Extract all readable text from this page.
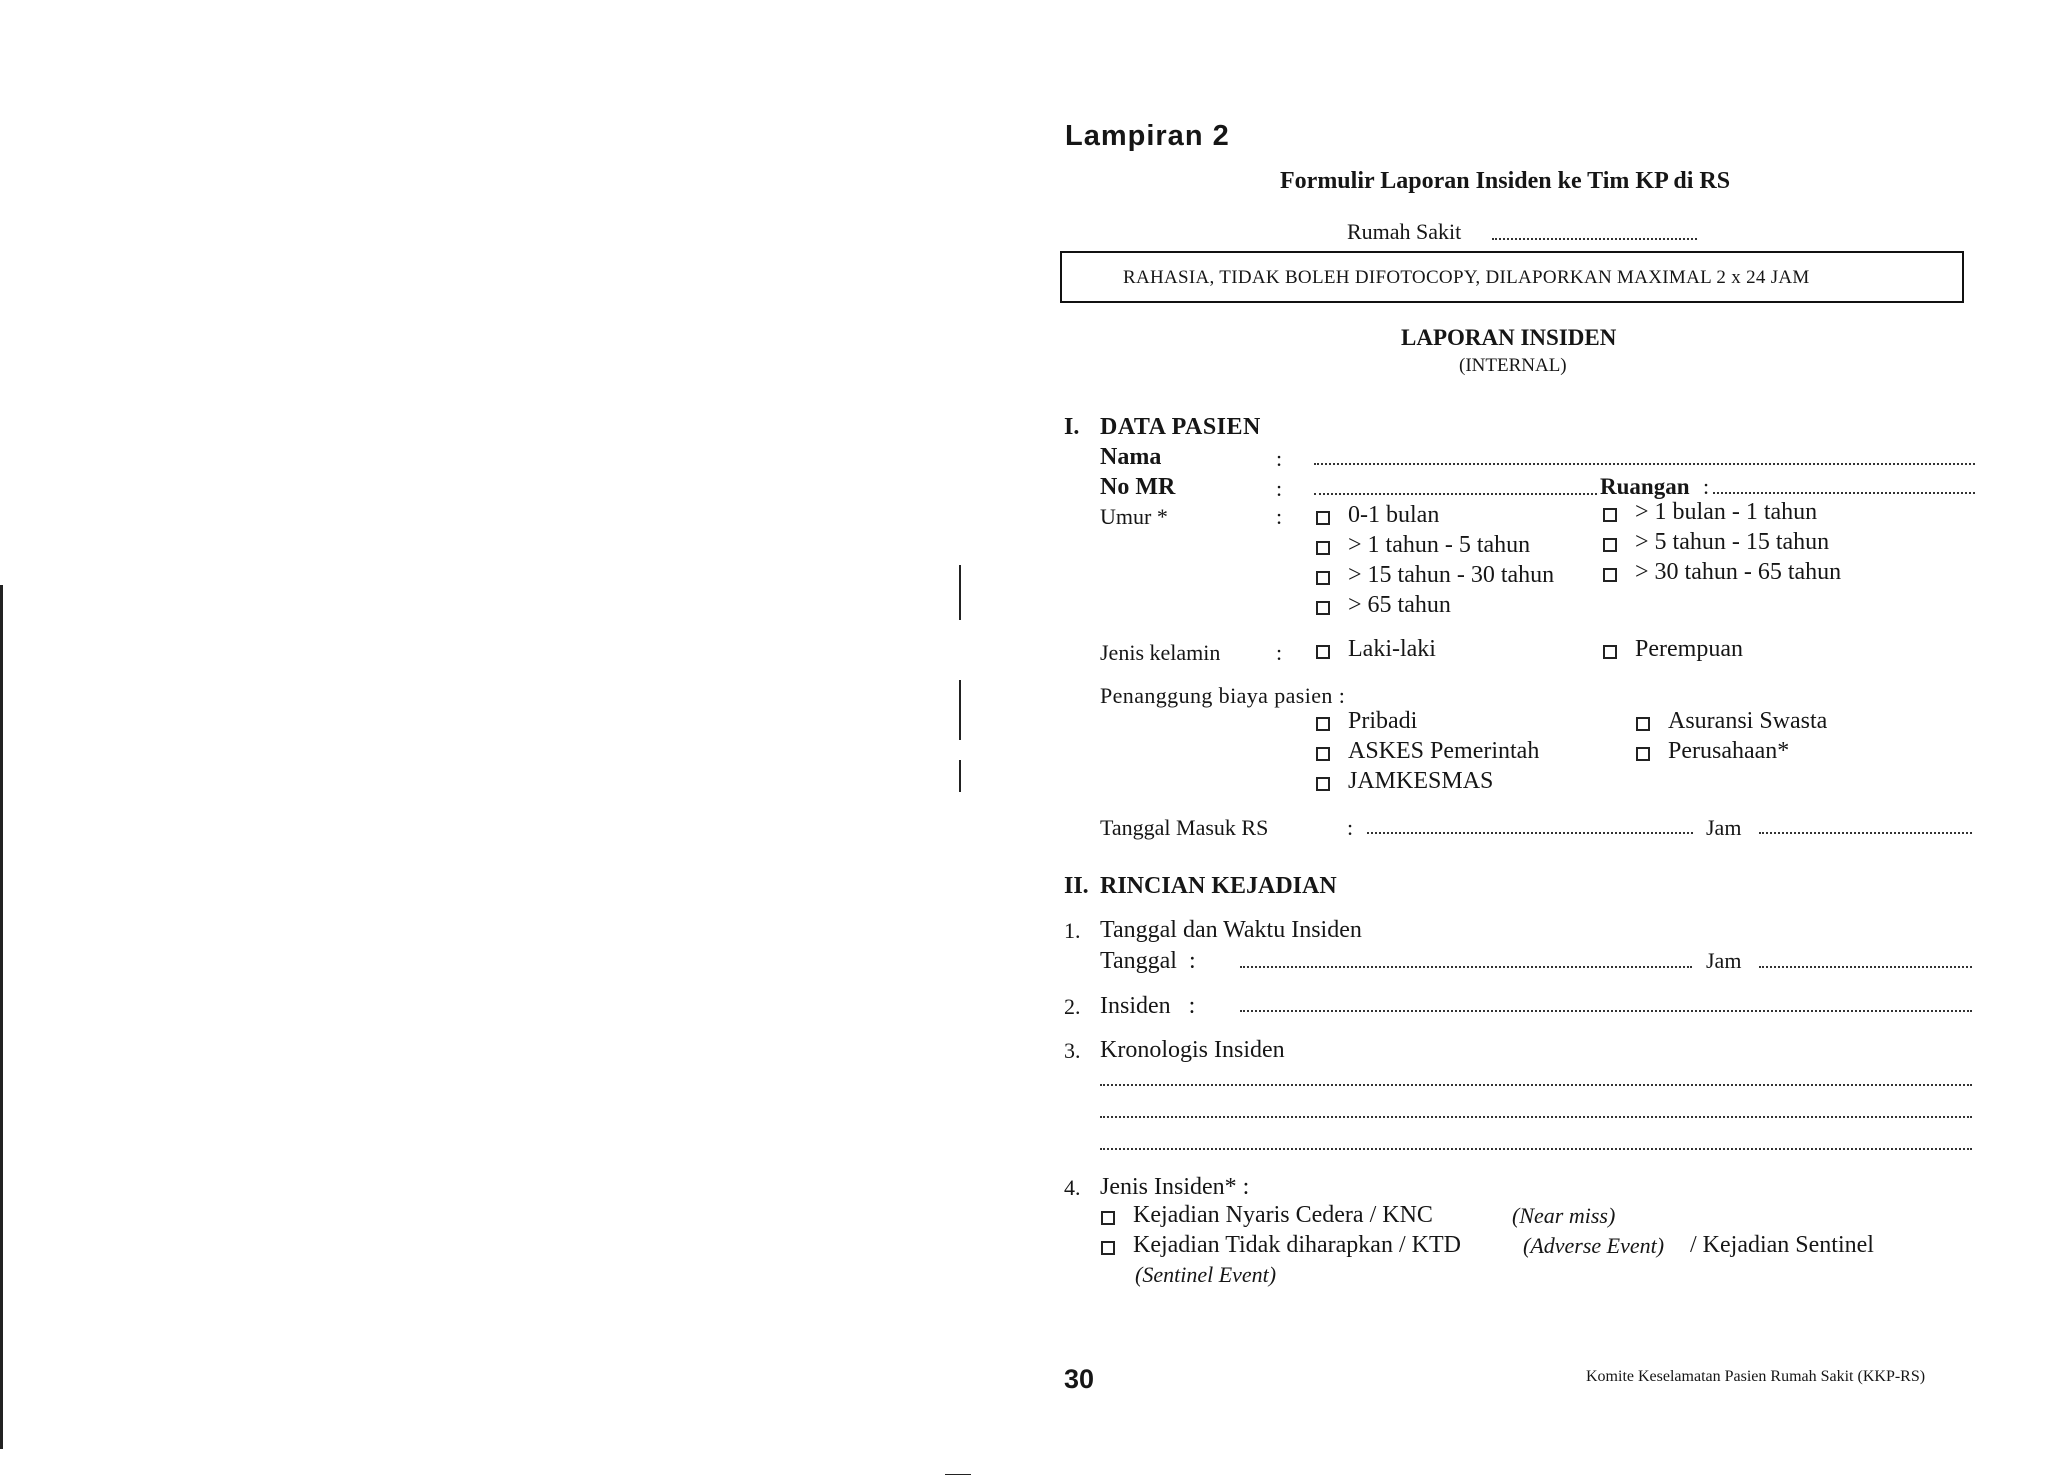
Lampiran 2
Formulir Laporan Insiden ke Tim KP di RS
Rumah Sakit
RAHASIA, TIDAK BOLEH DIFOTOCOPY, DILAPORKAN MAXIMAL 2 x 24 JAM
LAPORAN INSIDEN
(INTERNAL)
I. DATA PASIEN
Nama	:
No MR	:	Ruangan :
Umur *	:	0-1 bulan	> 1 bulan - 1 tahun
> 1 tahun - 5 tahun	> 5 tahun - 15 tahun
> 15 tahun - 30 tahun	> 30 tahun - 65 tahun
> 65 tahun
Jenis kelamin	:	Laki-laki	Perempuan
Penanggung biaya pasien :
Pribadi	Asuransi Swasta
ASKES Pemerintah	Perusahaan*
JAMKESMAS
Tanggal Masuk RS	:	Jam
II. RINCIAN KEJADIAN
1. Tanggal dan Waktu Insiden
Tanggal  :	Jam
2. Insiden   :
3. Kronologis Insiden
4. Jenis Insiden* :
Kejadian Nyaris Cedera / KNC	(Near miss)
Kejadian Tidak diharapkan / KTD	(Adverse Event) / Kejadian Sentinel
(Sentinel Event)
30	Komite Keselamatan Pasien Rumah Sakit (KKP-RS)
